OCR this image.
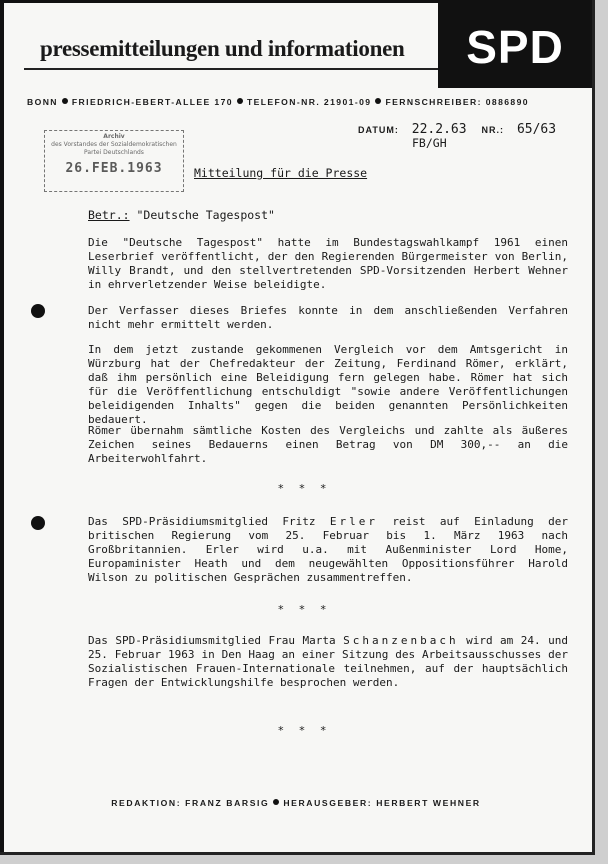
pressemitteilungen und informationen	SPD
BONN FRIEDRICH-EBERT-ALLEE 170 TELEFON-NR. 21901-09 FERNSCHREIBER: 0886890
Archiv
des Vorstandes der Sozialdemokratischen
Partei Deutschlands
26.FEB.1963
DATUM: 22.2.63 NR.: 65/63
FB/GH
Mitteilung für die Presse
Betr.: "Deutsche Tagespost"
Die "Deutsche Tagespost" hatte im Bundestagswahlkampf 1961 einen Leserbrief veröffentlicht, der den Regierenden Bürgermeister von Berlin, Willy Brandt, und den stellvertretenden SPD-Vorsitzenden Herbert Wehner in ehrverletzender Weise beleidigte.
Der Verfasser dieses Briefes konnte in dem anschließenden Verfahren nicht mehr ermittelt werden.
In dem jetzt zustande gekommenen Vergleich vor dem Amtsgericht in Würzburg hat der Chefredakteur der Zeitung, Ferdinand Römer, erklärt, daß ihm persönlich eine Beleidigung fern gelegen habe. Römer hat sich für die Veröffentlichung entschuldigt "sowie andere Veröffentlichungen beleidigenden Inhalts" gegen die beiden genannten Persönlichkeiten bedauert.
Römer übernahm sämtliche Kosten des Vergleichs und zahlte als äußeres Zeichen seines Bedauerns einen Betrag von DM 300,-- an die Arbeiterwohlfahrt.
* * *
Das SPD-Präsidiumsmitglied Fritz Erler reist auf Einladung der britischen Regierung vom 25. Februar bis 1. März 1963 nach Großbritannien. Erler wird u.a. mit Außenminister Lord Home, Europaminister Heath und dem neugewählten Oppositionsführer Harold Wilson zu politischen Gesprächen zusammentreffen.
* * *
Das SPD-Präsidiumsmitglied Frau Marta Schanzenbach wird am 24. und 25. Februar 1963 in Den Haag an einer Sitzung des Arbeitsausschusses der Sozialistischen Frauen-Internationale teilnehmen, auf der hauptsächlich Fragen der Entwicklungshilfe besprochen werden.
* * *
REDAKTION: FRANZ BARSIG HERAUSGEBER: HERBERT WEHNER
